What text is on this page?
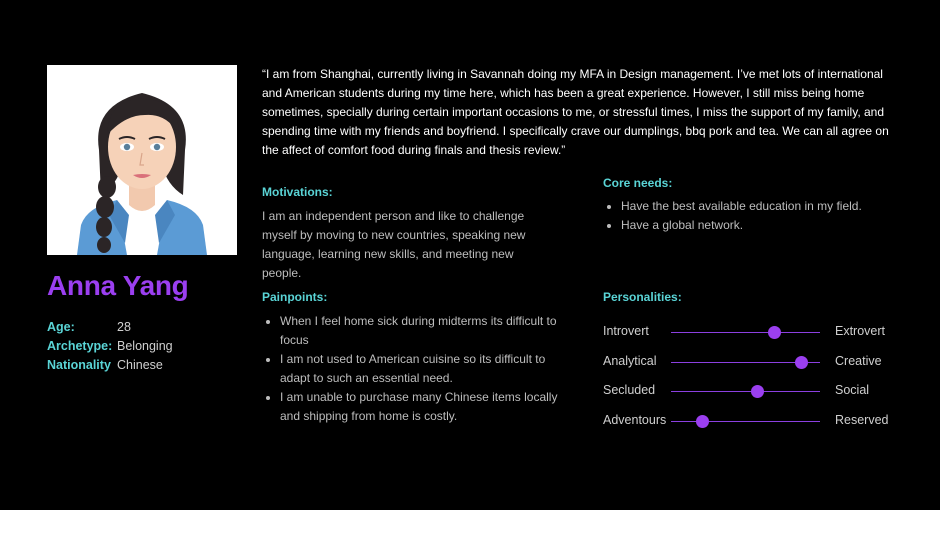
Anna Yang
Age:	28
Archetype: Belonging
Nationality Chinese
“I am from Shanghai, currently living in Savannah doing my MFA in Design management. I’ve met lots of international and American students during my time here, which has been a great experience. However, I still miss being home sometimes, specially during certain important occasions to me, or stressful times, I miss the support of my family, and spending time with my friends and boyfriend. I specifically crave our dumplings, bbq pork and tea. We can all agree on the affect of comfort food during finals and thesis review.”
Motivations:
I am an independent person and like to challenge myself by moving to new countries, speaking new language, learning new skills, and meeting new people.
Core needs:
• Have the best available education in my field.
• Have a global network.
Painpoints:
• When I feel home sick during midterms its difficult to focus
• I am not used to American cuisine so its difficult to adapt to such an essential need.
• I am unable to purchase many Chinese items locally and shipping from home is costly.
Personalities:
Introvert	Extrovert
Analytical	Creative
Secluded	Social
Adventours	Reserved
